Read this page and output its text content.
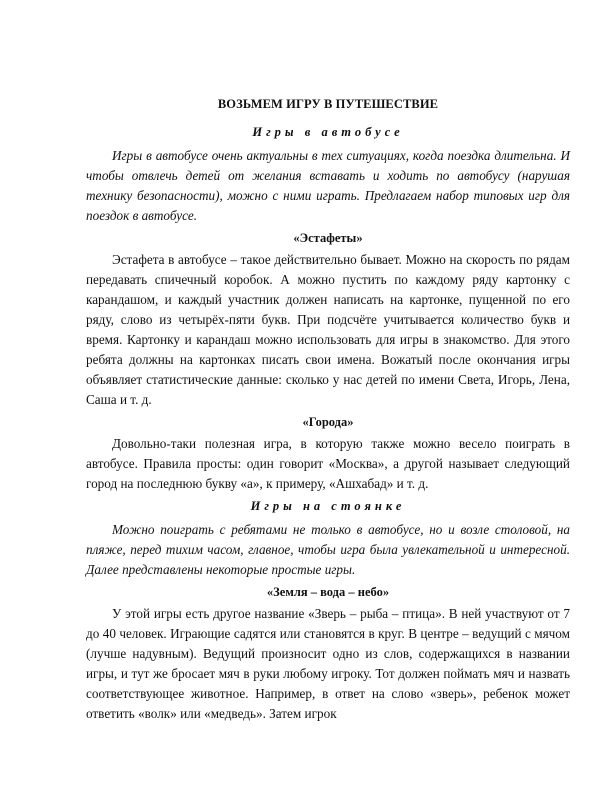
ВОЗЬМЕМ ИГРУ В ПУТЕШЕСТВИЕ
Игры в автобусе

Игры в автобусе очень актуальны в тех ситуациях, когда поездка длительна. И чтобы отвлечь детей от желания вставать и ходить по автобусу (нарушая технику безопасности), можно с ними играть. Предлагаем набор типовых игр для поездок в автобусе.

«Эстафеты»

Эстафета в автобусе – такое действительно бывает. Можно на скорость по рядам передавать спичечный коробок. А можно пустить по каждому ряду картонку с карандашом, и каждый участник должен написать на картонке, пущенной по его ряду, слово из четырёх-пяти букв. При подсчёте учитывается количество букв и время. Картонку и карандаш можно использовать для игры в знакомство. Для этого ребята должны на картонках писать свои имена. Вожатый после окончания игры объявляет статистические данные: сколько у нас детей по имени Света, Игорь, Лена, Саша и т. д.

«Города»

Довольно-таки полезная игра, в которую также можно весело поиграть в автобусе. Правила просты: один говорит «Москва», а другой называет следующий город на последнюю букву «а», к примеру, «Ашхабад» и т. д.

Игры на стоянке

Можно поиграть с ребятами не только в автобусе, но и возле столовой, на пляже, перед тихим часом, главное, чтобы игра была увлекательной и интересной. Далее представлены некоторые простые игры.

«Земля – вода – небо»

У этой игры есть другое название «Зверь – рыба – птица». В ней участвуют от 7 до 40 человек. Играющие садятся или становятся в круг. В центре – ведущий с мячом (лучше надувным). Ведущий произносит одно из слов, содержащихся в названии игры, и тут же бросает мяч в руки любому игроку. Тот должен поймать мяч и назвать соответствующее животное. Например, в ответ на слово «зверь», ребенок может ответить «волк» или «медведь». Затем игрок
